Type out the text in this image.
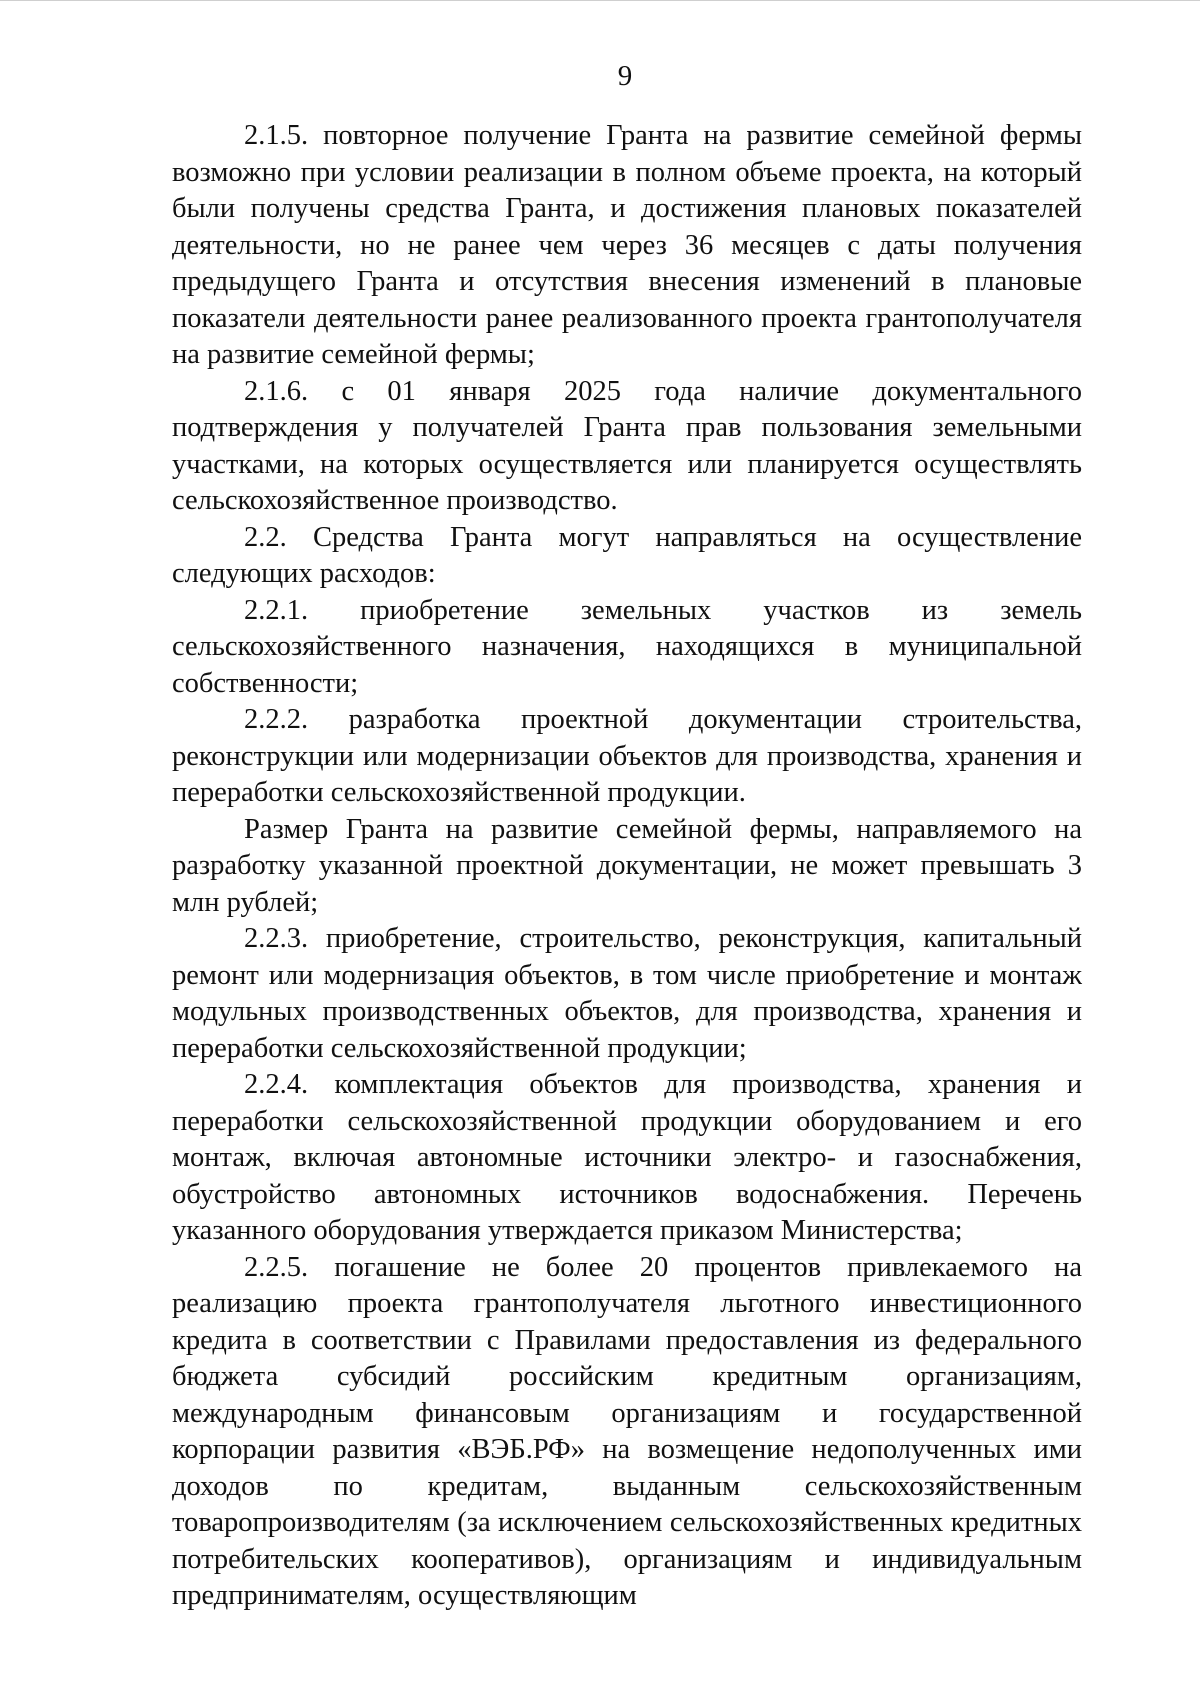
9

2.1.5. повторное получение Гранта на развитие семейной фермы возможно при условии реализации в полном объеме проекта, на который были получены средства Гранта, и достижения плановых показателей деятельности, но не ранее чем через 36 месяцев с даты получения предыдущего Гранта и отсутствия внесения изменений в плановые показатели деятельности ранее реализованного проекта грантополучателя на развитие семейной фермы;

2.1.6. с 01 января 2025 года наличие документального подтверждения у получателей Гранта прав пользования земельными участками, на которых осуществляется или планируется осуществлять сельскохозяйственное производство.

2.2. Средства Гранта могут направляться на осуществление следующих расходов:

2.2.1. приобретение земельных участков из земель сельскохозяйственного назначения, находящихся в муниципальной собственности;

2.2.2. разработка проектной документации строительства, реконструкции или модернизации объектов для производства, хранения и переработки сельскохозяйственной продукции.

Размер Гранта на развитие семейной фермы, направляемого на разработку указанной проектной документации, не может превышать 3 млн рублей;

2.2.3. приобретение, строительство, реконструкция, капитальный ремонт или модернизация объектов, в том числе приобретение и монтаж модульных производственных объектов, для производства, хранения и переработки сельскохозяйственной продукции;

2.2.4. комплектация объектов для производства, хранения и переработки сельскохозяйственной продукции оборудованием и его монтаж, включая автономные источники электро- и газоснабжения, обустройство автономных источников водоснабжения. Перечень указанного оборудования утверждается приказом Министерства;

2.2.5. погашение не более 20 процентов привлекаемого на реализацию проекта грантополучателя льготного инвестиционного кредита в соответствии с Правилами предоставления из федерального бюджета субсидий российским кредитным организациям, международным финансовым организациям и государственной корпорации развития «ВЭБ.РФ» на возмещение недополученных ими доходов по кредитам, выданным сельскохозяйственным товаропроизводителям (за исключением сельскохозяйственных кредитных потребительских кооперативов), организациям и индивидуальным предпринимателям, осуществляющим
